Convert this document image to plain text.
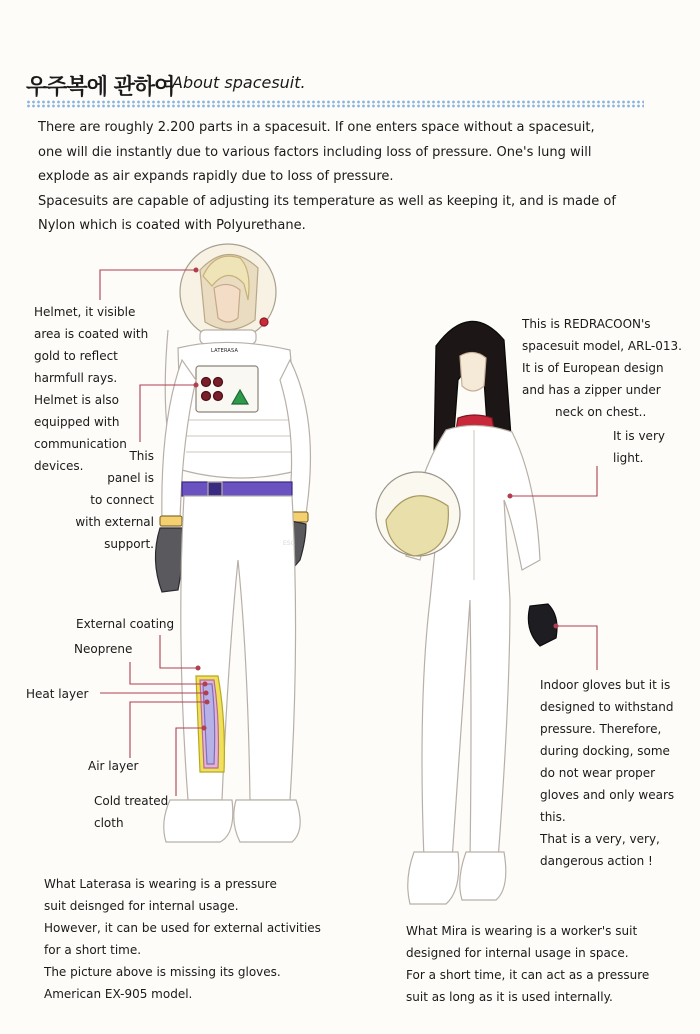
우주복에 관하여
About spacesuit.

There are roughly 2.200 parts in a spacesuit. If one enters space without a spacesuit,

one will die instantly due to various factors including loss of pressure. One's lung will

explode as air expands rapidly due to loss of pressure.

Spacesuits are capable of adjusting its temperature as well as keeping it, and is made of

Nylon which is coated with Polyurethane.

LATERASA
ESC

Helmet, it visible

area is coated with

gold to reflect

harmfull rays.

Helmet is also

equipped with

communication

devices.

This

panel is

to connect

with external

support.

External coating
Neoprene
Heat layer
Air layer

Cold treated

cloth

What Laterasa is wearing is a pressure

suit deisnged for internal usage.

However, it can be used for external activities

for a short time.

The picture above is missing its gloves.

American EX-905 model.

This is REDRACOON's

spacesuit model, ARL-013.

It is of European design

and has a zipper under

neck on chest..

It is very

light.

Indoor gloves but it is

designed to withstand

pressure. Therefore,

during docking, some

do not wear proper

gloves and only wears

this.

That is a very, very,

dangerous action !

What Mira is wearing is a worker's suit

designed for internal usage in space.

For a short time, it can act as a pressure

suit as long as it is used internally.
